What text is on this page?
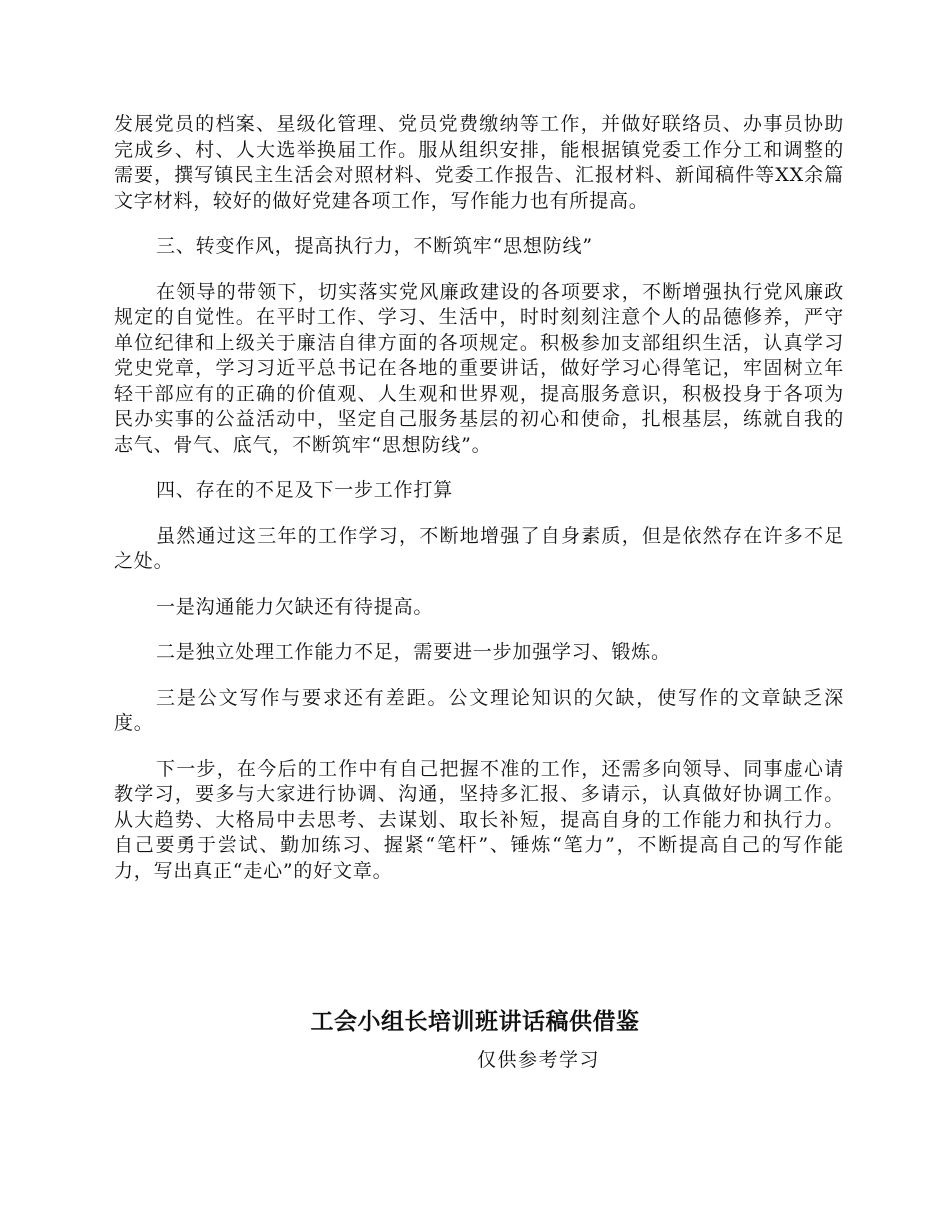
发展党员的档案、星级化管理、党员党费缴纳等工作，并做好联络员、办事员协助完成乡、村、人大选举换届工作。服从组织安排，能根据镇党委工作分工和调整的需要，撰写镇民主生活会对照材料、党委工作报告、汇报材料、新闻稿件等XX余篇文字材料，较好的做好党建各项工作，写作能力也有所提高。

三、转变作风，提高执行力，不断筑牢“思想防线”

在领导的带领下，切实落实党风廉政建设的各项要求，不断增强执行党风廉政规定的自觉性。在平时工作、学习、生活中，时时刻刻注意个人的品德修养，严守单位纪律和上级关于廉洁自律方面的各项规定。积极参加支部组织生活，认真学习党史党章，学习习近平总书记在各地的重要讲话，做好学习心得笔记，牢固树立年轻干部应有的正确的价值观、人生观和世界观，提高服务意识，积极投身于各项为民办实事的公益活动中，坚定自己服务基层的初心和使命，扎根基层，练就自我的志气、骨气、底气，不断筑牢“思想防线”。

四、存在的不足及下一步工作打算

虽然通过这三年的工作学习，不断地增强了自身素质，但是依然存在许多不足之处。

一是沟通能力欠缺还有待提高。

二是独立处理工作能力不足，需要进一步加强学习、锻炼。

三是公文写作与要求还有差距。公文理论知识的欠缺，使写作的文章缺乏深度。

下一步，在今后的工作中有自己把握不准的工作，还需多向领导、同事虚心请教学习，要多与大家进行协调、沟通，坚持多汇报、多请示，认真做好协调工作。从大趋势、大格局中去思考、去谋划、取长补短，提高自身的工作能力和执行力。自己要勇于尝试、勤加练习、握紧“笔杆”、锤炼“笔力”，不断提高自己的写作能力，写出真正“走心”的好文章。

工会小组长培训班讲话稿供借鉴
仅供参考学习
